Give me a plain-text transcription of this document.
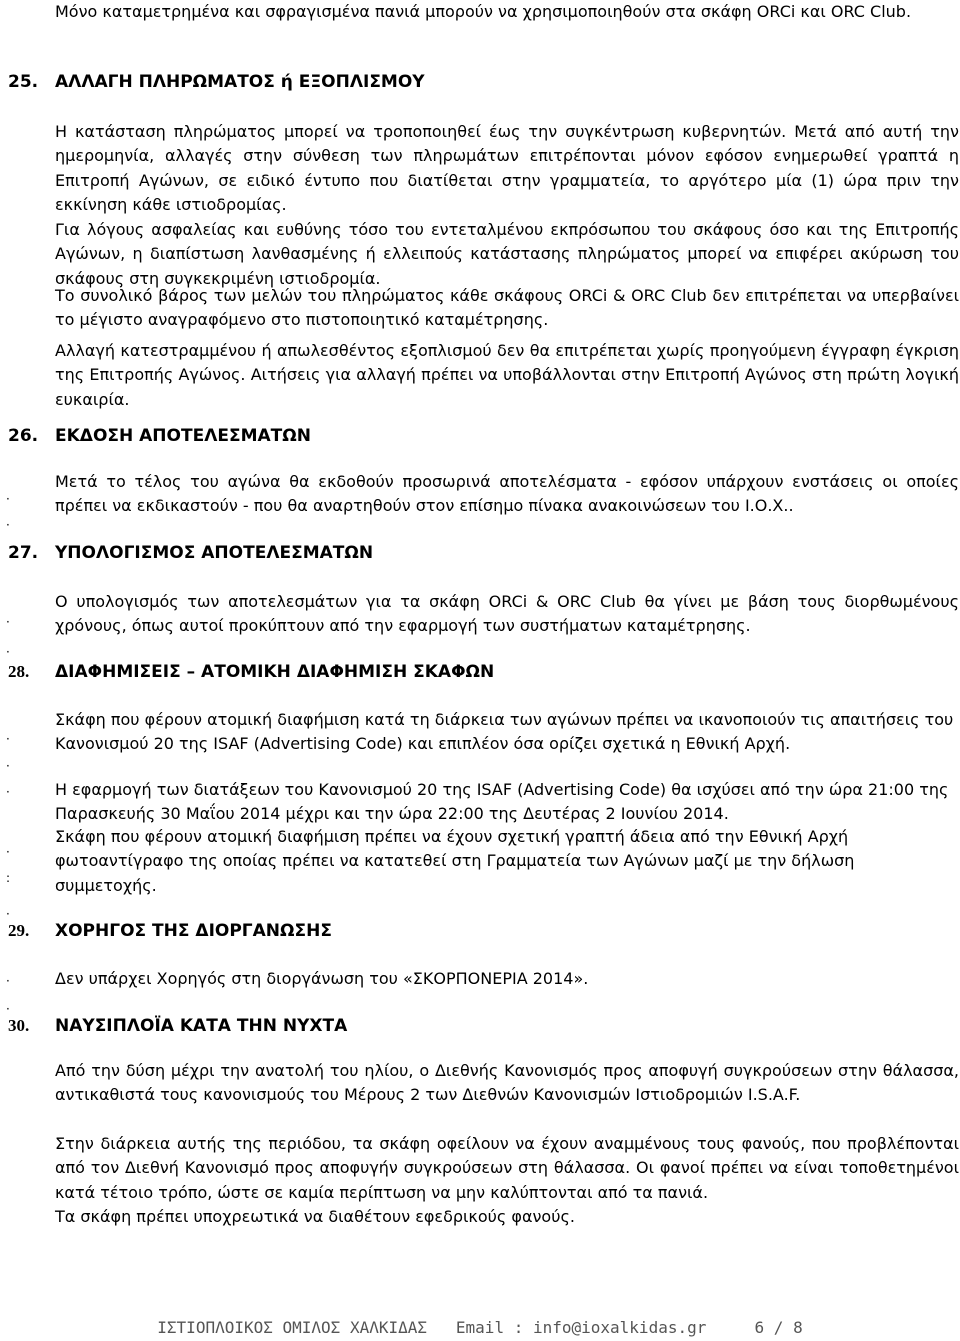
Μόνο καταμετρημένα και σφραγισμένα πανιά μπορούν να χρησιμοποιηθούν στα σκάφη ORCi και ORC Club.

25. ΑΛΛΑΓΗ ΠΛΗΡΩΜΑΤΟΣ ή ΕΞΟΠΛΙΣΜΟΥ

Η κατάσταση πληρώματος μπορεί να τροποποιηθεί έως την συγκέντρωση κυβερνητών. Μετά από αυτή την ημερομηνία, αλλαγές στην σύνθεση των πληρωμάτων επιτρέπονται μόνον εφόσον ενημερωθεί γραπτά η Επιτροπή Αγώνων, σε ειδικό έντυπο που διατίθεται στην γραμματεία, το αργότερο μία (1) ώρα πριν την εκκίνηση κάθε ιστιοδρομίας.

Για λόγους ασφαλείας και ευθύνης τόσο του εντεταλμένου εκπρόσωπου του σκάφους όσο και της Επιτροπής Αγώνων, η διαπίστωση λανθασμένης ή ελλειπούς κατάστασης πληρώματος μπορεί να επιφέρει ακύρωση του σκάφους στη συγκεκριμένη ιστιοδρομία.

Το συνολικό βάρος των μελών του πληρώματος κάθε σκάφους ORCi & ORC Club δεν επιτρέπεται να υπερβαίνει το μέγιστο αναγραφόμενο στο πιστοποιητικό καταμέτρησης.

Αλλαγή κατεστραμμένου ή απωλεσθέντος εξοπλισμού δεν θα επιτρέπεται χωρίς προηγούμενη έγγραφη έγκριση της Επιτροπής Αγώνος. Αιτήσεις για αλλαγή πρέπει να υποβάλλονται στην Επιτροπή Αγώνος στη πρώτη λογική ευκαιρία.

26. ΕΚΔΟΣΗ ΑΠΟΤΕΛΕΣΜΑΤΩΝ

Μετά το τέλος του αγώνα θα εκδοθούν προσωρινά αποτελέσματα - εφόσον υπάρχουν ενστάσεις οι οποίες πρέπει να εκδικαστούν - που θα αναρτηθούν στον επίσημο πίνακα ανακοινώσεων του Ι.Ο.Χ..

·
·
27. ΥΠΟΛΟΓΙΣΜΟΣ ΑΠΟΤΕΛΕΣΜΑΤΩΝ

Ο υπολογισμός των αποτελεσμάτων για τα σκάφη ORCi & ORC Club θα γίνει με βάση τους διορθωμένους χρόνους, όπως αυτοί προκύπτουν από την εφαρμογή των συστήματων καταμέτρησης.

·
·
28. ΔΙΑΦΗΜΙΣΕΙΣ – ΑΤΟΜΙΚΗ ΔΙΑΦΗΜΙΣΗ ΣΚΑΦΩΝ

Σκάφη που φέρουν ατομική διαφήμιση κατά τη διάρκεια των αγώνων πρέπει να ικανοποιούν τις απαιτήσεις του Κανονισμού 20 της ISAF (Advertising Code) και επιπλέον όσα ορίζει σχετικά η Εθνική Αρχή.

Η εφαρμογή των διατάξεων του Κανονισμού 20 της ISAF (Advertising Code) θα ισχύσει από την ώρα 21:00 της Παρασκευής 30 Μαΐου 2014 μέχρι και την ώρα 22:00 της Δευτέρας 2 Ιουνίου 2014.

Σκάφη που φέρουν ατομική διαφήμιση πρέπει να έχουν σχετική γραπτή άδεια από την Εθνική Αρχή φωτοαντίγραφο της οποίας πρέπει να κατατεθεί στη Γραμματεία των Αγώνων μαζί με την δήλωση συμμετοχής.

·
·
·
·
:
·
29. ΧΟΡΗΓΟΣ ΤΗΣ ΔΙΟΡΓΑΝΩΣΗΣ

Δεν υπάρχει Χορηγός στη διοργάνωση του «ΣΚΟΡΠΟΝΕΡΙΑ 2014».

·
·
30. ΝΑΥΣΙΠΛΟΪΑ ΚΑΤΑ ΤΗΝ ΝΥΧΤΑ

Από την δύση μέχρι την ανατολή του ηλίου, ο Διεθνής Κανονισμός προς αποφυγή συγκρούσεων στην θάλασσα, αντικαθιστά τους κανονισμούς του Μέρους 2 των Διεθνών Κανονισμών Ιστιοδρομιών I.S.A.F.

Στην διάρκεια αυτής της περιόδου, τα σκάφη οφείλουν να έχουν αναμμένους τους φανούς, που προβλέπονται από τον Διεθνή Κανονισμό προς αποφυγήν συγκρούσεων στη θάλασσα. Οι φανοί πρέπει να είναι τοποθετημένοι κατά τέτοιο τρόπο, ώστε σε καμία περίπτωση να μην καλύπτονται από τα πανιά.

Τα σκάφη πρέπει υποχρεωτικά να διαθέτουν εφεδρικούς φανούς.

ΙΣΤΙΟΠΛΟΙΚΟΣ ΟΜΙΛΟΣ ΧΑΛΚΙΔΑΣ Email : info@ioxalkidas.gr	6 / 8
